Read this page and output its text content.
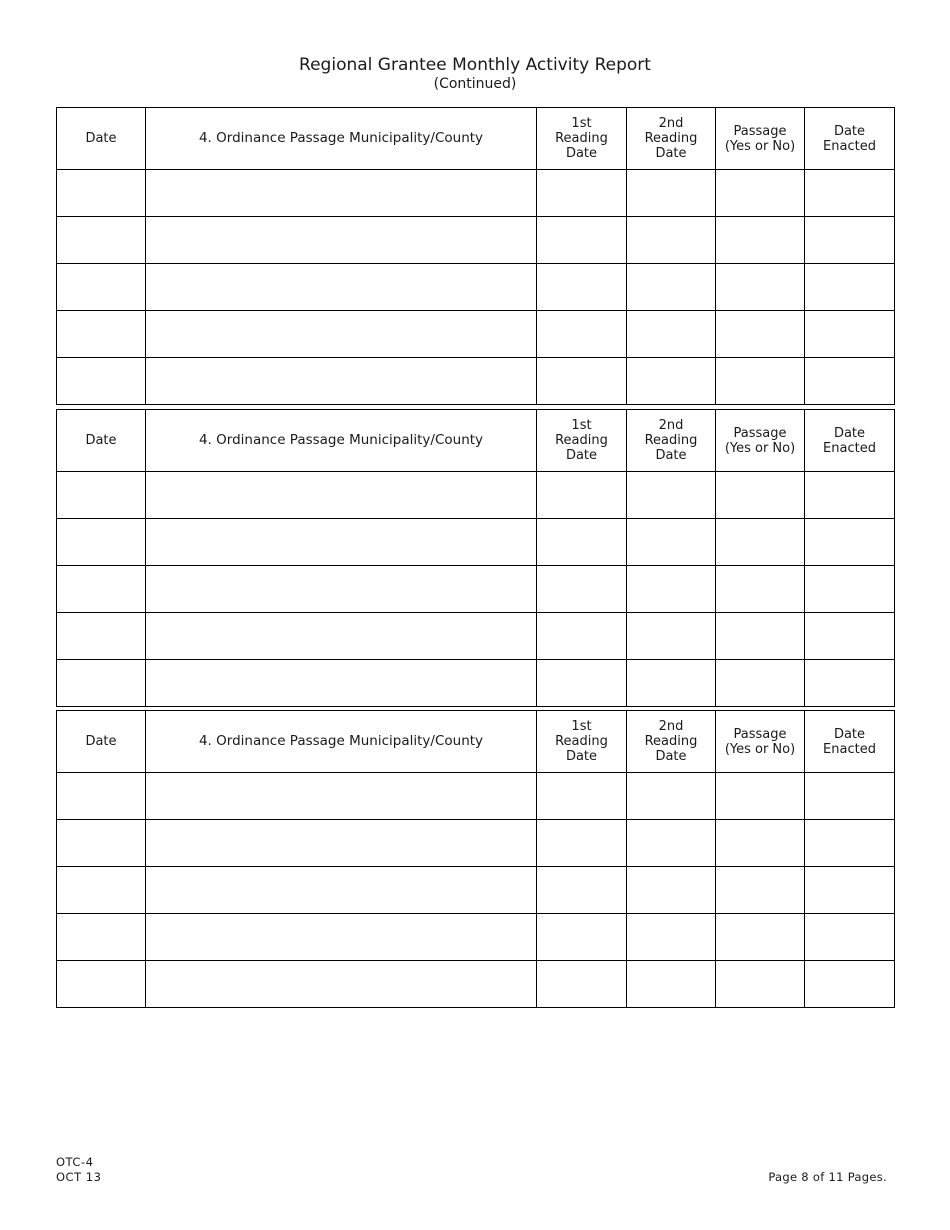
Regional Grantee Monthly Activity Report
(Continued)
Date	4. Ordinance Passage Municipality/County	1st
Reading
Date	2nd
Reading
Date	Passage
(Yes or No)	Date
Enacted

Date	4. Ordinance Passage Municipality/County	1st
Reading
Date	2nd
Reading
Date	Passage
(Yes or No)	Date
Enacted

Date	4. Ordinance Passage Municipality/County	1st
Reading
Date	2nd
Reading
Date	Passage
(Yes or No)	Date
Enacted

OTC-4
OCT 13	Page 8 of 11 Pages.
